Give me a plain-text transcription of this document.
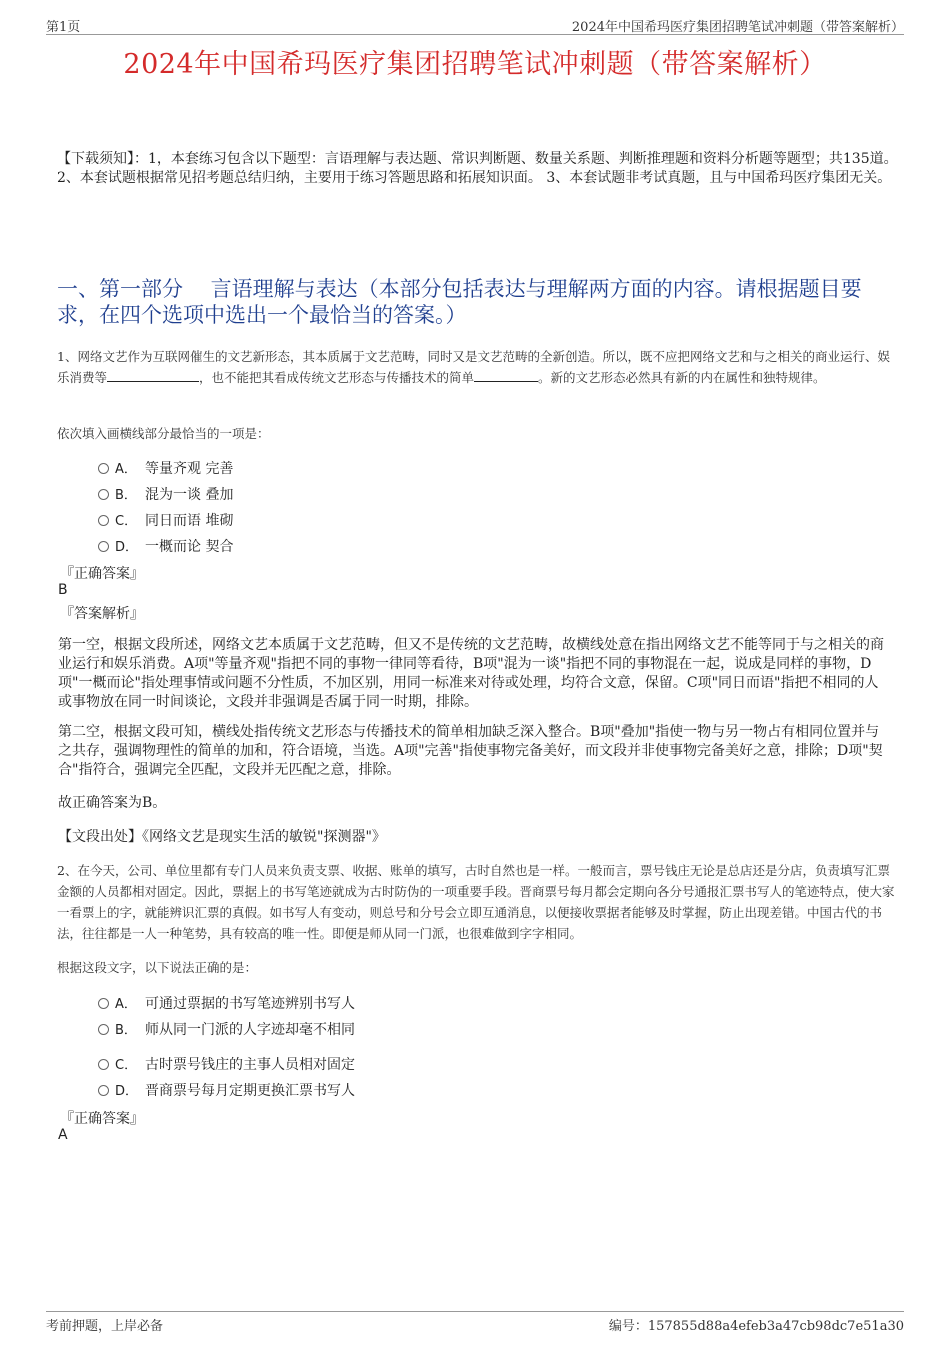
第1页	2024年中国希玛医疗集团招聘笔试冲刺题（带答案解析）
2024年中国希玛医疗集团招聘笔试冲刺题（带答案解析）
【下载须知】：1，本套练习包含以下题型：言语理解与表达题、常识判断题、数量关系题、判断推理题和资料分析题等题型；共135道。 2、本套试题根据常见招考题总结归纳，主要用于练习答题思路和拓展知识面。 3、本套试题非考试真题，且与中国希玛医疗集团无关。
一、第一部分　 言语理解与表达（本部分包括表达与理解两方面的内容。请根据题目要求，在四个选项中选出一个最恰当的答案。）
1、网络文艺作为互联网催生的文艺新形态，其本质属于文艺范畴，同时又是文艺范畴的全新创造。所以，既不应把网络文艺和与之相关的商业运行、娱乐消费等	，也不能把其看成传统文艺形态与传播技术的简单	。新的文艺形态必然具有新的内在属性和独特规律。
依次填入画横线部分最恰当的一项是：
A． 等量齐观 完善
B． 混为一谈 叠加
C． 同日而语 堆砌
D． 一概而论 契合
『正确答案』
B
『答案解析』
第一空，根据文段所述，网络文艺本质属于文艺范畴，但又不是传统的文艺范畴，故横线处意在指出网络文艺不能等同于与之相关的商业运行和娱乐消费。A项"等量齐观"指把不同的事物一律同等看待，B项"混为一谈"指把不同的事物混在一起，说成是同样的事物，D项"一概而论"指处理事情或问题不分性质，不加区别，用同一标准来对待或处理，均符合文意，保留。C项"同日而语"指把不相同的人或事物放在同一时间谈论，文段并非强调是否属于同一时期，排除。
第二空，根据文段可知，横线处指传统文艺形态与传播技术的简单相加缺乏深入整合。B项"叠加"指使一物与另一物占有相同位置并与之共存，强调物理性的简单的加和，符合语境，当选。A项"完善"指使事物完备美好，而文段并非使事物完备美好之意，排除；D项"契合"指符合，强调完全匹配，文段并无匹配之意，排除。
故正确答案为B。
【文段出处】《网络文艺是现实生活的敏锐"探测器"》
2、在今天，公司、单位里都有专门人员来负责支票、收据、账单的填写，古时自然也是一样。一般而言，票号钱庄无论是总店还是分店，负责填写汇票金额的人员都相对固定。因此，票据上的书写笔迹就成为古时防伪的一项重要手段。晋商票号每月都会定期向各分号通报汇票书写人的笔迹特点，使大家一看票上的字，就能辨识汇票的真假。如书写人有变动，则总号和分号会立即互通消息，以便接收票据者能够及时掌握，防止出现差错。中国古代的书法，往往都是一人一种笔势，具有较高的唯一性。即便是师从同一门派，也很难做到字字相同。
根据这段文字，以下说法正确的是：
A． 可通过票据的书写笔迹辨别书写人
B． 师从同一门派的人字迹却毫不相同
C． 古时票号钱庄的主事人员相对固定
D． 晋商票号每月定期更换汇票书写人
『正确答案』
A
考前押题，上岸必备	编号：157855d88a4efeb3a47cb98dc7e51a30
